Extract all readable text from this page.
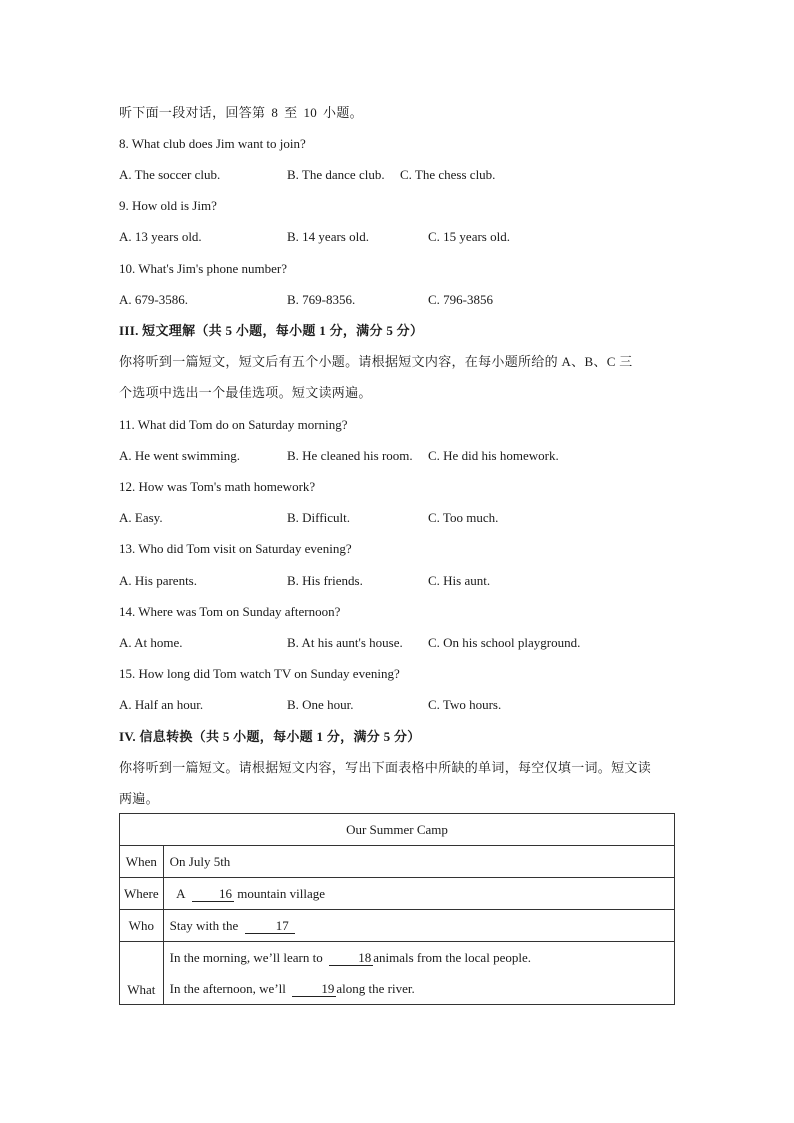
听下面一段对话，回答第 8 至 10 小题。
8. What club does Jim want to join?
A. The soccer club.	B. The dance club. C. The chess club.
9. How old is Jim?
A. 13 years old.	B. 14 years old.	C. 15 years old.
10. What's Jim's phone number?
A. 679-3586.	B. 769-8356.	C. 796-3856
III. 短文理解（共 5 小题，每小题 1 分，满分 5 分）
你将听到一篇短文，短文后有五个小题。请根据短文内容，在每小题所给的 A、B、C 三
个选项中选出一个最佳选项。短文读两遍。
11. What did Tom do on Saturday morning?
A. He went swimming.	B. He cleaned his room. C. He did his homework.
12. How was Tom's math homework?
A. Easy.	B. Difficult.	C. Too much.
13. Who did Tom visit on Saturday evening?
A. His parents.	B. His friends.	C. His aunt.
14. Where was Tom on Sunday afternoon?
A. At home.	B. At his aunt's house. C. On his school playground.
15. How long did Tom watch TV on Sunday evening?
A. Half an hour.	B. One hour.	C. Two hours.
IV. 信息转换（共 5 小题，每小题 1 分，满分 5 分）
你将听到一篇短文。请根据短文内容，写出下面表格中所缺的单词，每空仅填一词。短文读
两遍。
Our Summer Camp	
When	On July 5th
Where	A 16 mountain village
Who	Stay with the 17
What	In the morning, we’ll learn to 18 animals from the local people.
In the afternoon, we’ll 19 along the river.
